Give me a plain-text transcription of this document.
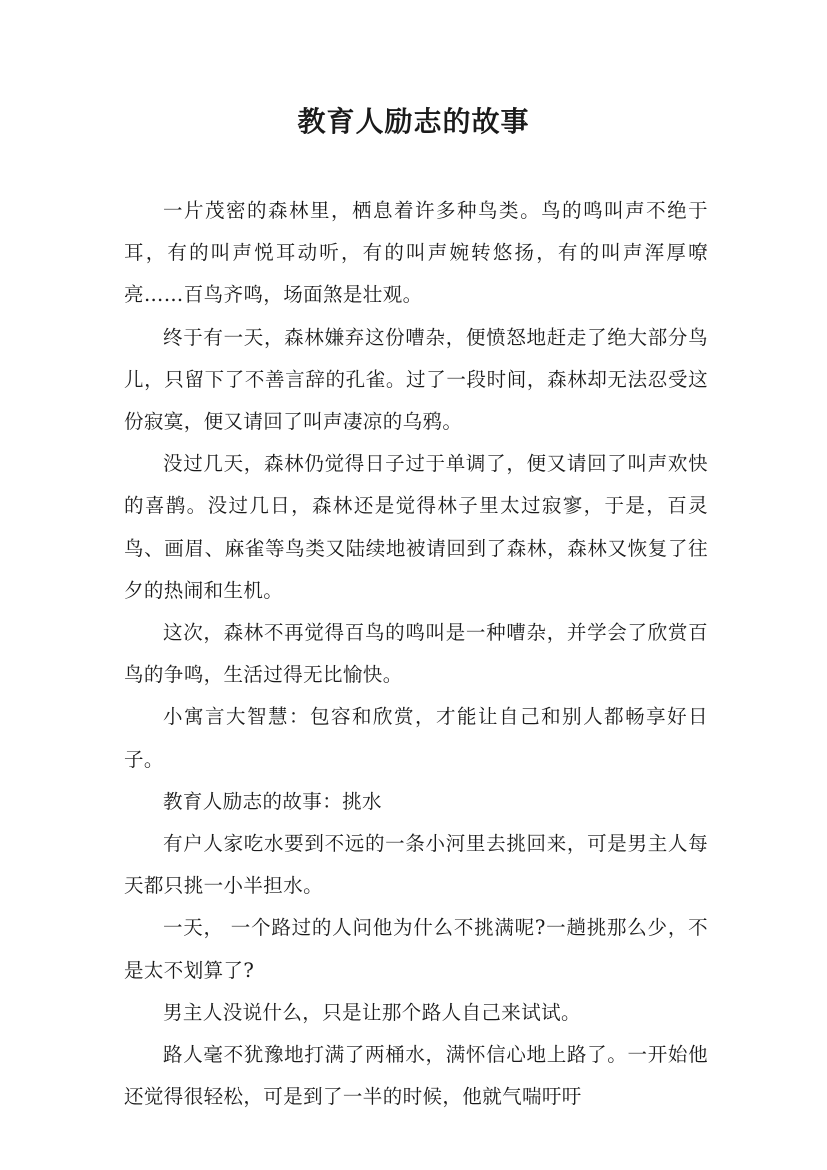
教育人励志的故事

一片茂密的森林里，栖息着许多种鸟类。鸟的鸣叫声不绝于耳，有的叫声悦耳动听，有的叫声婉转悠扬，有的叫声浑厚嘹亮……百鸟齐鸣，场面煞是壮观。

终于有一天，森林嫌弃这份嘈杂，便愤怒地赶走了绝大部分鸟儿，只留下了不善言辞的孔雀。过了一段时间，森林却无法忍受这份寂寞，便又请回了叫声凄凉的乌鸦。

没过几天，森林仍觉得日子过于单调了，便又请回了叫声欢快的喜鹊。没过几日，森林还是觉得林子里太过寂寥，于是，百灵鸟、画眉、麻雀等鸟类又陆续地被请回到了森林，森林又恢复了往夕的热闹和生机。

这次，森林不再觉得百鸟的鸣叫是一种嘈杂，并学会了欣赏百鸟的争鸣，生活过得无比愉快。

小寓言大智慧：包容和欣赏，才能让自己和别人都畅享好日子。

教育人励志的故事：挑水

有户人家吃水要到不远的一条小河里去挑回来，可是男主人每天都只挑一小半担水。

一天， 一个路过的人问他为什么不挑满呢?一趟挑那么少，不是太不划算了?

男主人没说什么，只是让那个路人自己来试试。

路人毫不犹豫地打满了两桶水，满怀信心地上路了。一开始他还觉得很轻松，可是到了一半的时候，他就气喘吁吁
